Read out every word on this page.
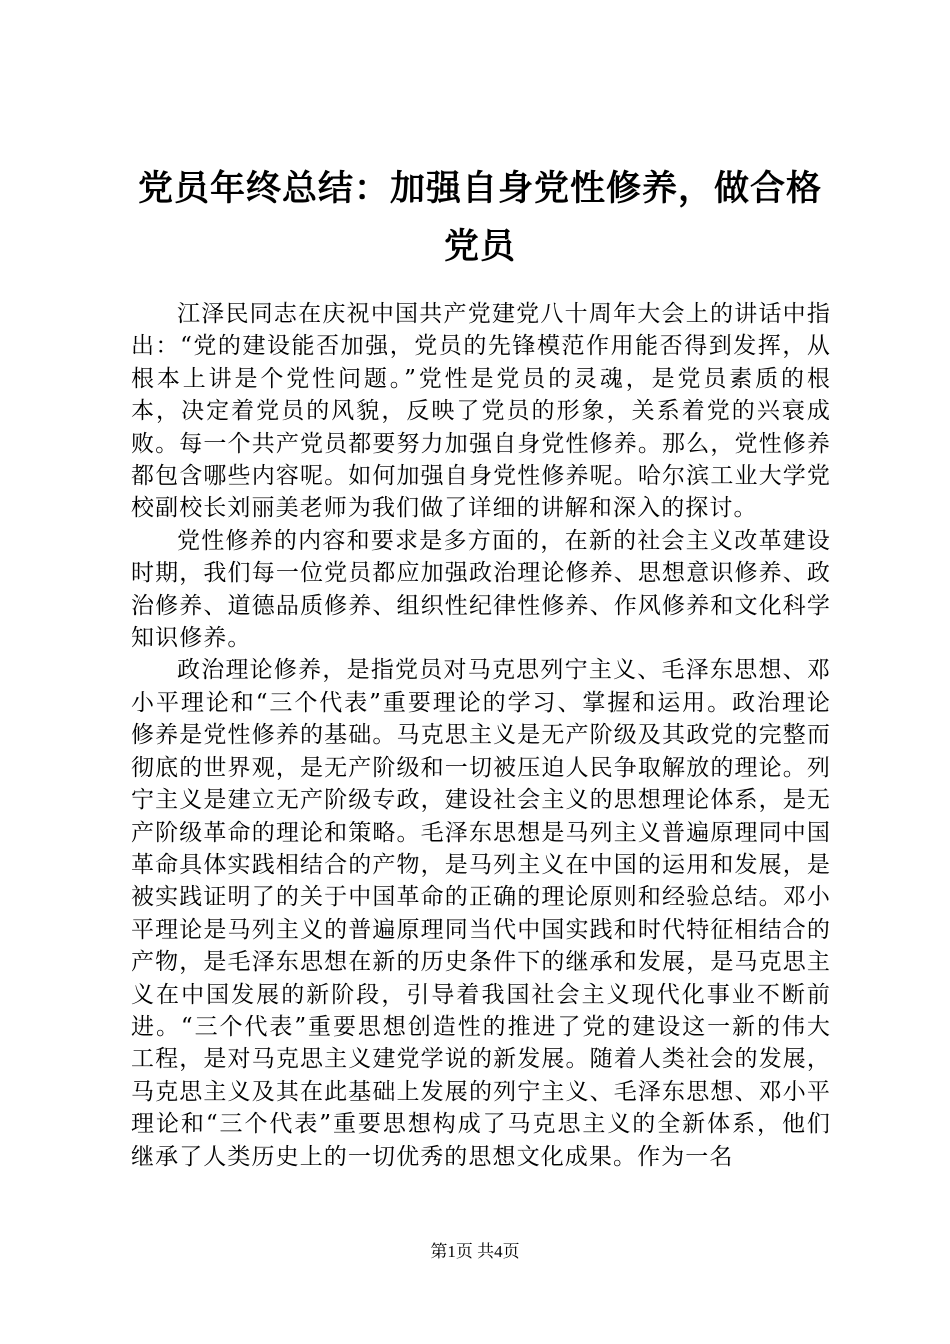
党员年终总结：加强自身党性修养，做合格党员

江泽民同志在庆祝中国共产党建党八十周年大会上的讲话中指出：“党的建设能否加强，党员的先锋模范作用能否得到发挥，从根本上讲是个党性问题。”党性是党员的灵魂，是党员素质的根本，决定着党员的风貌，反映了党员的形象，关系着党的兴衰成败。每一个共产党员都要努力加强自身党性修养。那么，党性修养都包含哪些内容呢。如何加强自身党性修养呢。哈尔滨工业大学党校副校长刘丽美老师为我们做了详细的讲解和深入的探讨。

党性修养的内容和要求是多方面的，在新的社会主义改革建设时期，我们每一位党员都应加强政治理论修养、思想意识修养、政治修养、道德品质修养、组织性纪律性修养、作风修养和文化科学知识修养。

政治理论修养，是指党员对马克思列宁主义、毛泽东思想、邓小平理论和“三个代表”重要理论的学习、掌握和运用。政治理论修养是党性修养的基础。马克思主义是无产阶级及其政党的完整而彻底的世界观，是无产阶级和一切被压迫人民争取解放的理论。列宁主义是建立无产阶级专政，建设社会主义的思想理论体系，是无产阶级革命的理论和策略。毛泽东思想是马列主义普遍原理同中国革命具体实践相结合的产物，是马列主义在中国的运用和发展，是被实践证明了的关于中国革命的正确的理论原则和经验总结。邓小平理论是马列主义的普遍原理同当代中国实践和时代特征相结合的产物，是毛泽东思想在新的历史条件下的继承和发展，是马克思主义在中国发展的新阶段，引导着我国社会主义现代化事业不断前进。“三个代表”重要思想创造性的推进了党的建设这一新的伟大工程，是对马克思主义建党学说的新发展。随着人类社会的发展，马克思主义及其在此基础上发展的列宁主义、毛泽东思想、邓小平理论和“三个代表”重要思想构成了马克思主义的全新体系，他们继承了人类历史上的一切优秀的思想文化成果。作为一名

第1页 共4页
